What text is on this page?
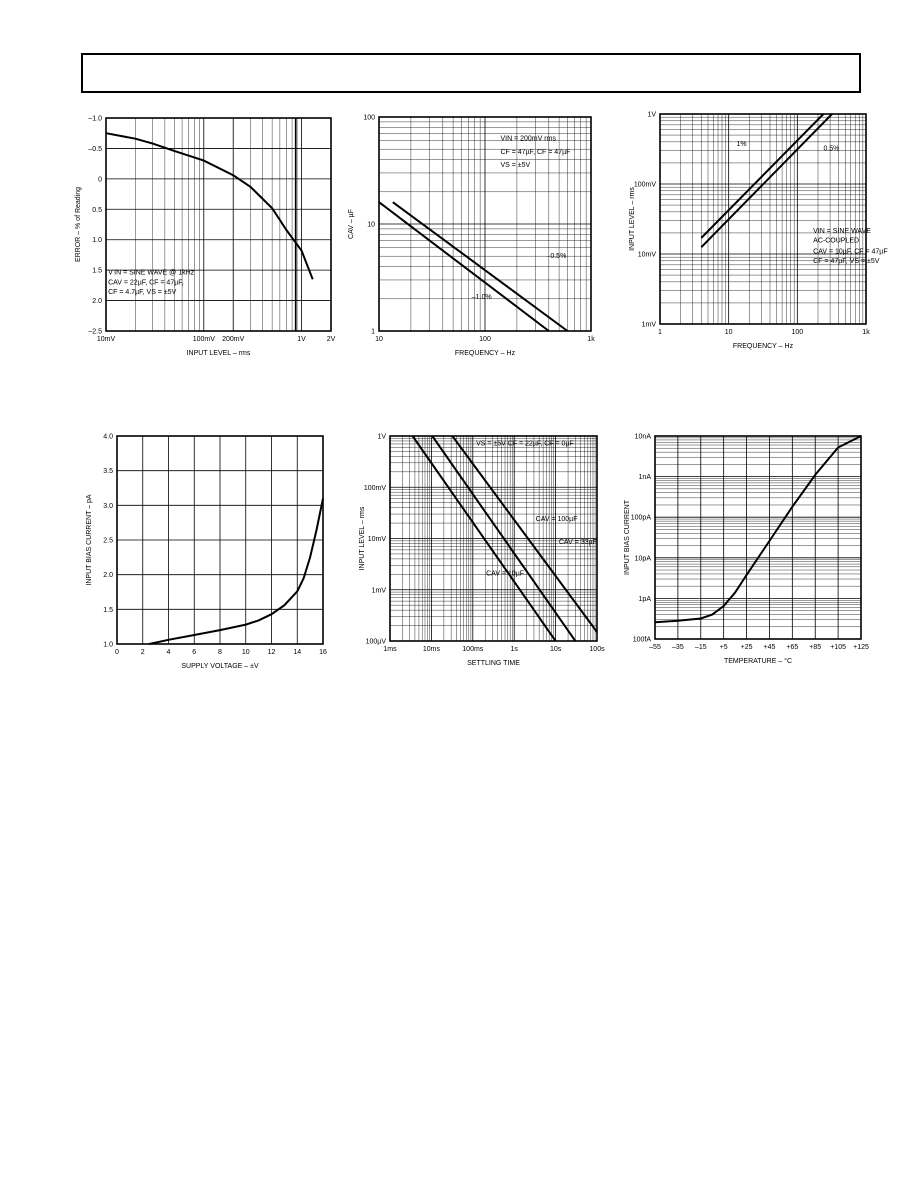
10mV	100mV 200mV	1V	2V
–1.0
–0.5
0
0.5
1.0
1.5
2.0
–2.5
INPUT LEVEL – rms
ERROR – % of Reading
V IN = SINE WAVE @ 1kHz
CAV = 22µF, CF = 47µF,
CF = 4.7µF, VS = ±5V
10	100	1k
1
10
100
FREQUENCY – Hz
CAV – µF
VIN = 200mV rms
CF = 47µF, CF = 47µF
VS = ±5V
–0.5%
–1.0%
1	10	100	1k
1mV
10mV
100mV
1V
FREQUENCY – Hz
INPUT LEVEL – rms
1%
0.5%
VIN = SINE WAVE
AC-COUPLED
CAV = 10µF, CF = 47µF
CF = 47µF, VS = ±5V
0	2	4	6	8	10	12	14	16
1.0
1.5
2.0
2.5
3.0
3.5
4.0
SUPPLY VOLTAGE – ±V
INPUT BIAS CURRENT – pA
1ms	10ms	100ms	1s	10s	100s
100µV
1mV
10mV
100mV
1V
SETTLING TIME
INPUT LEVEL – rms
VS = ±5V CF = 22µF, CF = 0µF
CAV = 100µF
CAV = 33µF
CAV = 10µF
–55 –35 –15 +5 +25 +45 +65 +85 +105 +125
100fA
1pA
10pA
100pA
1nA
10nA
TEMPERATURE – °C
INPUT BIAS CURRENT
